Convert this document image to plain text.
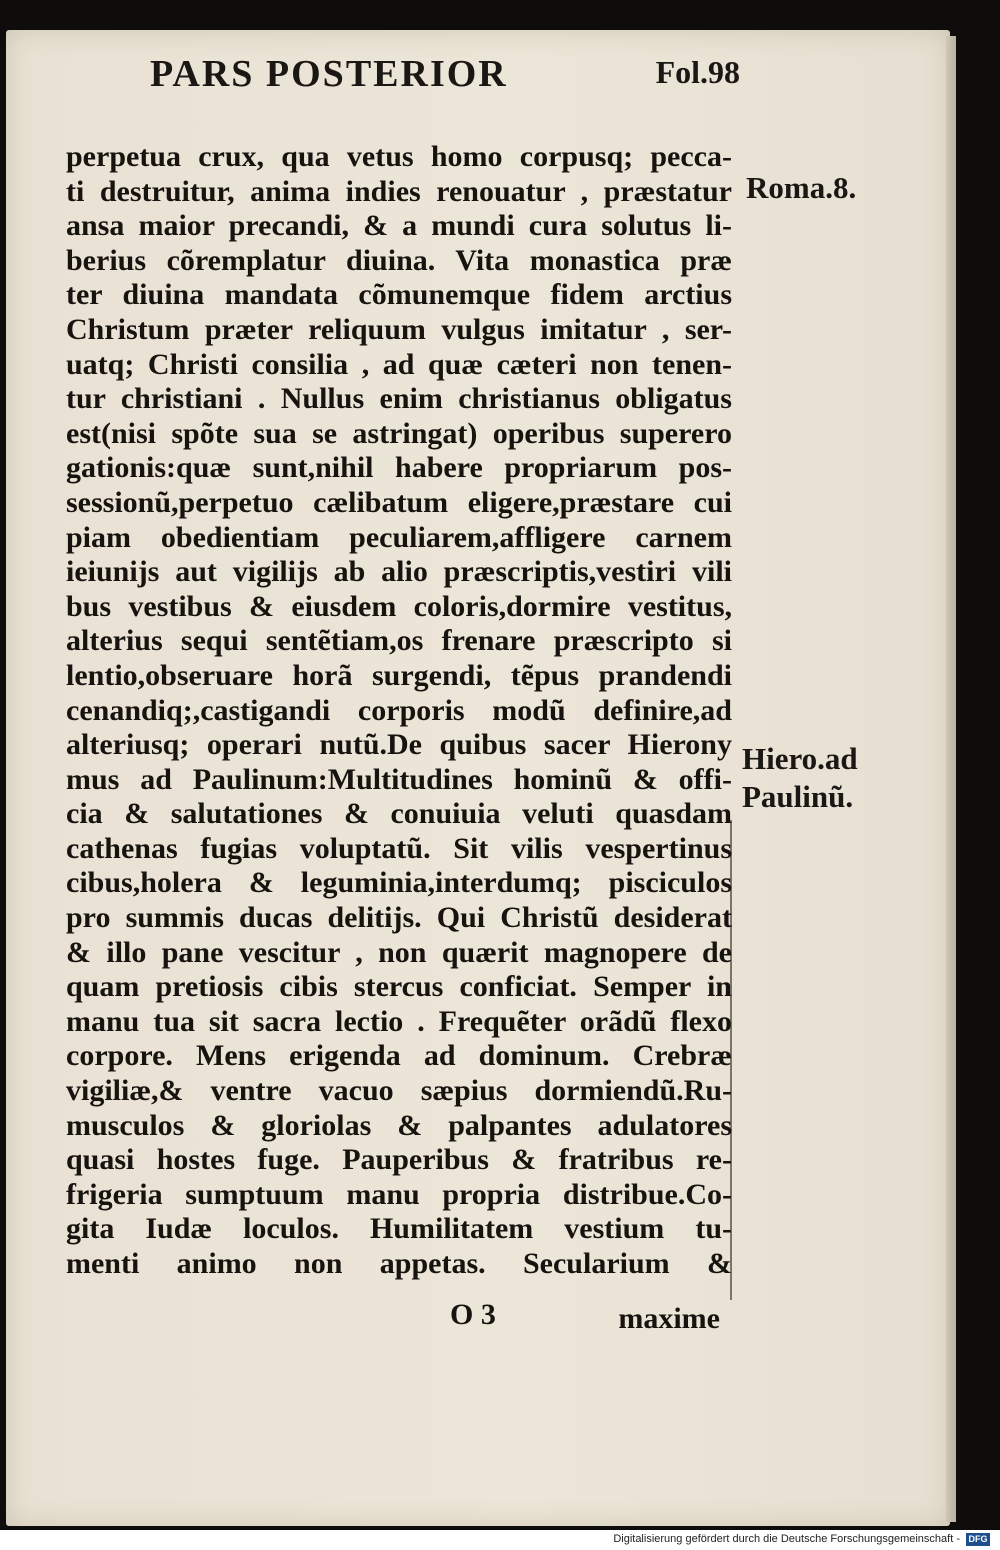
PARS POSTERIOR	Fol.98
perpetua crux, qua vetus homo corpusq; pecca-
ti destruitur, anima indies renouatur , præstatur
ansa maior precandi, & a mundi cura solutus li-
berius cõremplatur diuina. Vita monastica præ
ter diuina mandata cõmunemque fidem arctius
Christum præter reliquum vulgus imitatur , ser-
uatq; Christi consilia , ad quæ cæteri non tenen-
tur christiani . Nullus enim christianus obligatus
est(nisi spõte sua se astringat) operibus superero
gationis:quæ sunt,nihil habere propriarum pos-
sessionũ,perpetuo cælibatum eligere,præstare cui
piam obedientiam peculiarem,affligere carnem
ieiunijs aut vigilijs ab alio præscriptis,vestiri vili
bus vestibus & eiusdem coloris,dormire vestitus,
alterius sequi sentẽtiam,os frenare præscripto si
lentio,obseruare horã surgendi, tẽpus prandendi
cenandiq;,castigandi corporis modũ definire,ad
alteriusq; operari nutũ.De quibus sacer Hierony
mus ad Paulinum:Multitudines hominũ & offi-
cia & salutationes & conuiuia veluti quasdam
cathenas fugias voluptatũ. Sit vilis vespertinus
cibus,holera & leguminia,interdumq; pisciculos
pro summis ducas delitijs. Qui Christũ desiderat
& illo pane vescitur , non quærit magnopere de
quam pretiosis cibis stercus conficiat. Semper in
manu tua sit sacra lectio . Frequẽter orãdũ flexo
corpore. Mens erigenda ad dominum. Crebræ
vigiliæ,& ventre vacuo sæpius dormiendũ.Ru-
musculos & gloriolas & palpantes adulatores
quasi hostes fuge. Pauperibus & fratribus re-
frigeria sumptuum manu propria distribue.Co-
gita Iudæ loculos. Humilitatem vestium tu-
menti animo non appetas. Secularium &
Roma.8.
Hiero.ad
Paulinũ.
O 3	maxime
Digitalisierung gefördert durch die Deutsche Forschungsgemeinschaft - DFG
